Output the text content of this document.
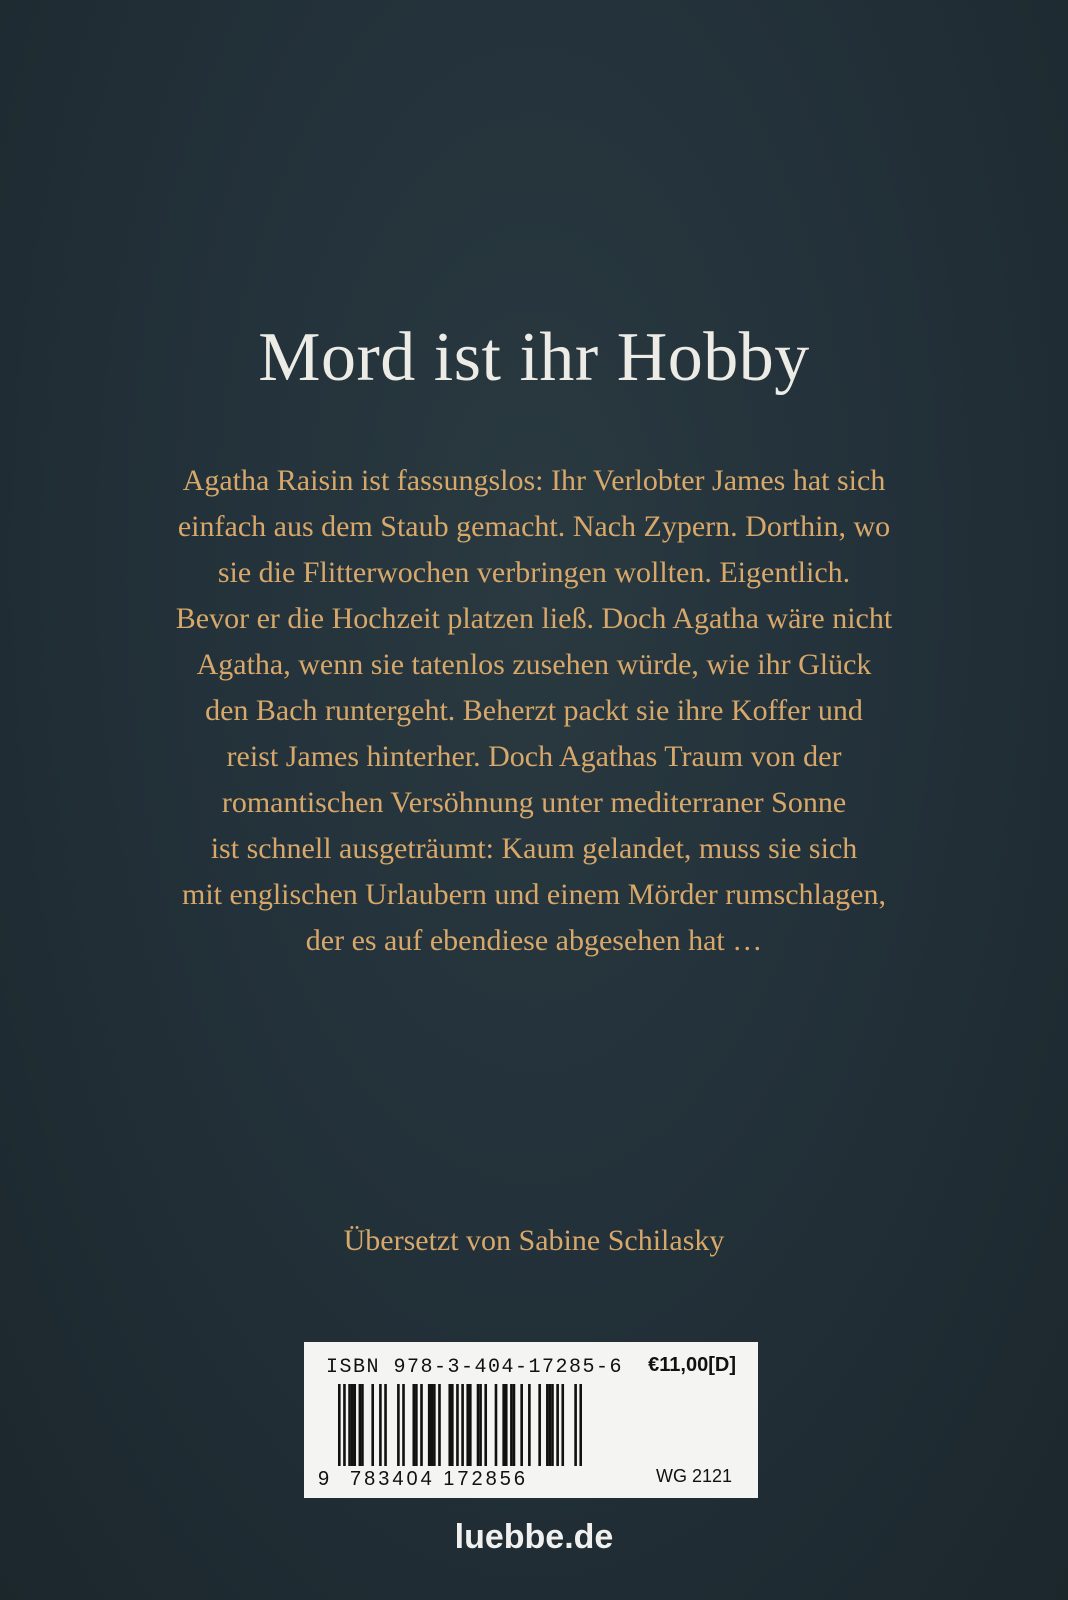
Mord ist ihr Hobby

Agatha Raisin ist fassungslos: Ihr Verlobter James hat sich
einfach aus dem Staub gemacht. Nach Zypern. Dorthin, wo
sie die Flitterwochen verbringen wollten. Eigentlich.
Bevor er die Hochzeit platzen ließ. Doch Agatha wäre nicht
Agatha, wenn sie tatenlos zusehen würde, wie ihr Glück
den Bach runtergeht. Beherzt packt sie ihre Koffer und
reist James hinterher. Doch Agathas Traum von der
romantischen Versöhnung unter mediterraner Sonne
ist schnell ausgeträumt: Kaum gelandet, muss sie sich
mit englischen Urlaubern und einem Mörder rumschlagen,
der es auf ebendiese abgesehen hat …

Übersetzt von Sabine Schilasky

ISBN 978-3-404-17285-6 €11,00[D]
9 783404 172856	WG 2121

luebbe.de
